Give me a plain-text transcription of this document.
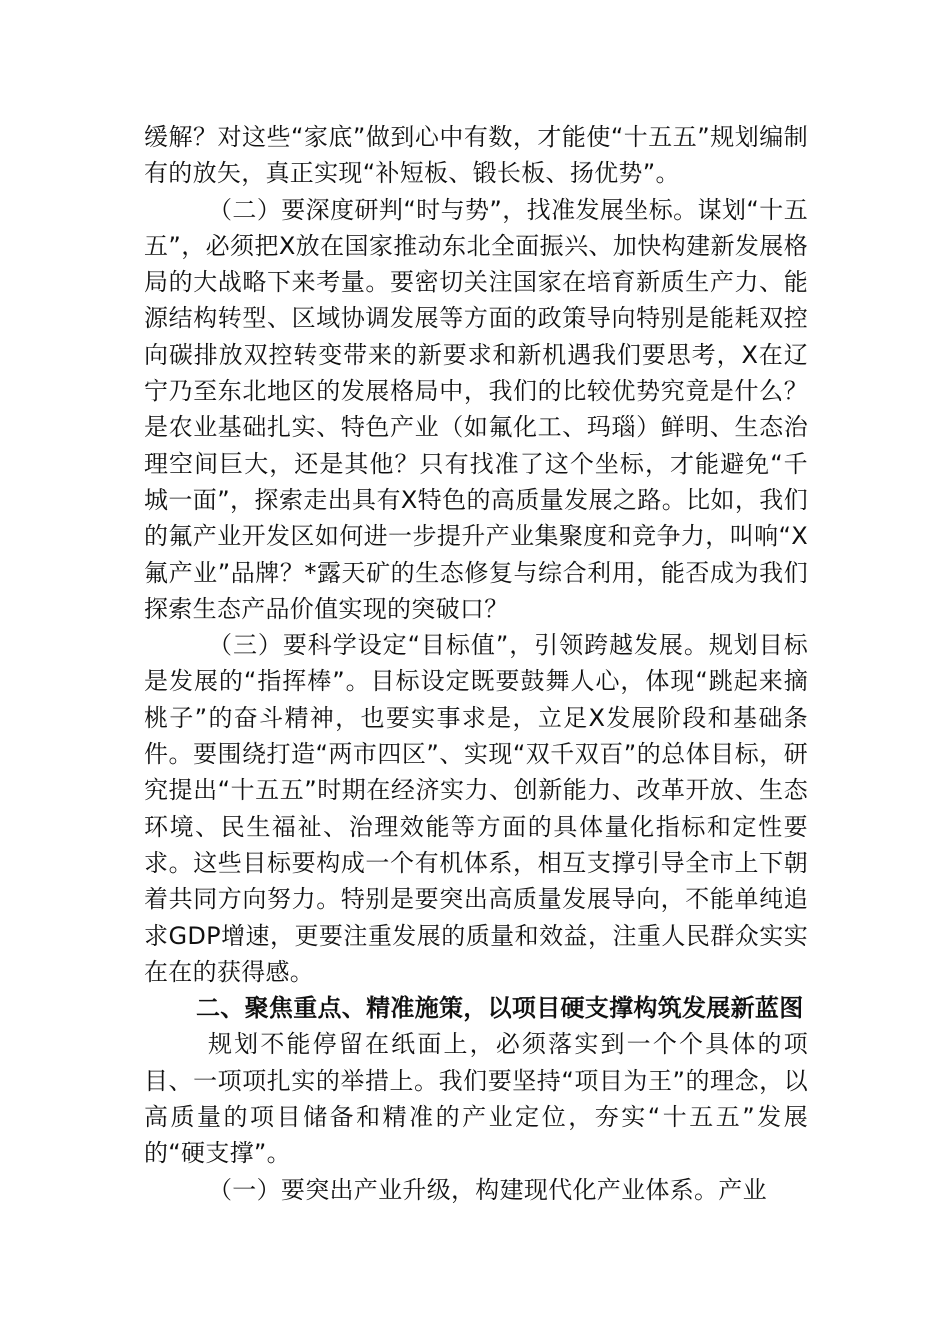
缓解？对这些“家底”做到心中有数，才能使“十五五”规划编制有的放矢，真正实现“补短板、锻长板、扬优势”。

（二）要深度研判“时与势”，找准发展坐标。谋划“十五五”，必须把X放在国家推动东北全面振兴、加快构建新发展格局的大战略下来考量。要密切关注国家在培育新质生产力、能源结构转型、区域协调发展等方面的政策导向特别是能耗双控向碳排放双控转变带来的新要求和新机遇我们要思考，X在辽宁乃至东北地区的发展格局中，我们的比较优势究竟是什么？是农业基础扎实、特色产业（如氟化工、玛瑙）鲜明、生态治理空间巨大，还是其他？只有找准了这个坐标，才能避免“千城一面”，探索走出具有X特色的高质量发展之路。比如，我们的氟产业开发区如何进一步提升产业集聚度和竞争力，叫响“X氟产业”品牌？*露天矿的生态修复与综合利用，能否成为我们探索生态产品价值实现的突破口？

（三）要科学设定“目标值”，引领跨越发展。规划目标是发展的“指挥棒”。目标设定既要鼓舞人心，体现“跳起来摘桃子”的奋斗精神，也要实事求是，立足X发展阶段和基础条件。要围绕打造“两市四区”、实现“双千双百”的总体目标，研究提出“十五五”时期在经济实力、创新能力、改革开放、生态环境、民生福祉、治理效能等方面的具体量化指标和定性要求。这些目标要构成一个有机体系，相互支撑引导全市上下朝着共同方向努力。特别是要突出高质量发展导向，不能单纯追求GDP增速，更要注重发展的质量和效益，注重人民群众实实在在的获得感。

二、聚焦重点、精准施策，以项目硬支撑构筑发展新蓝图

规划不能停留在纸面上，必须落实到一个个具体的项目、一项项扎实的举措上。我们要坚持“项目为王”的理念，以高质量的项目储备和精准的产业定位，夯实“十五五”发展的“硬支撑”。

（一）要突出产业升级，构建现代化产业体系。产业
